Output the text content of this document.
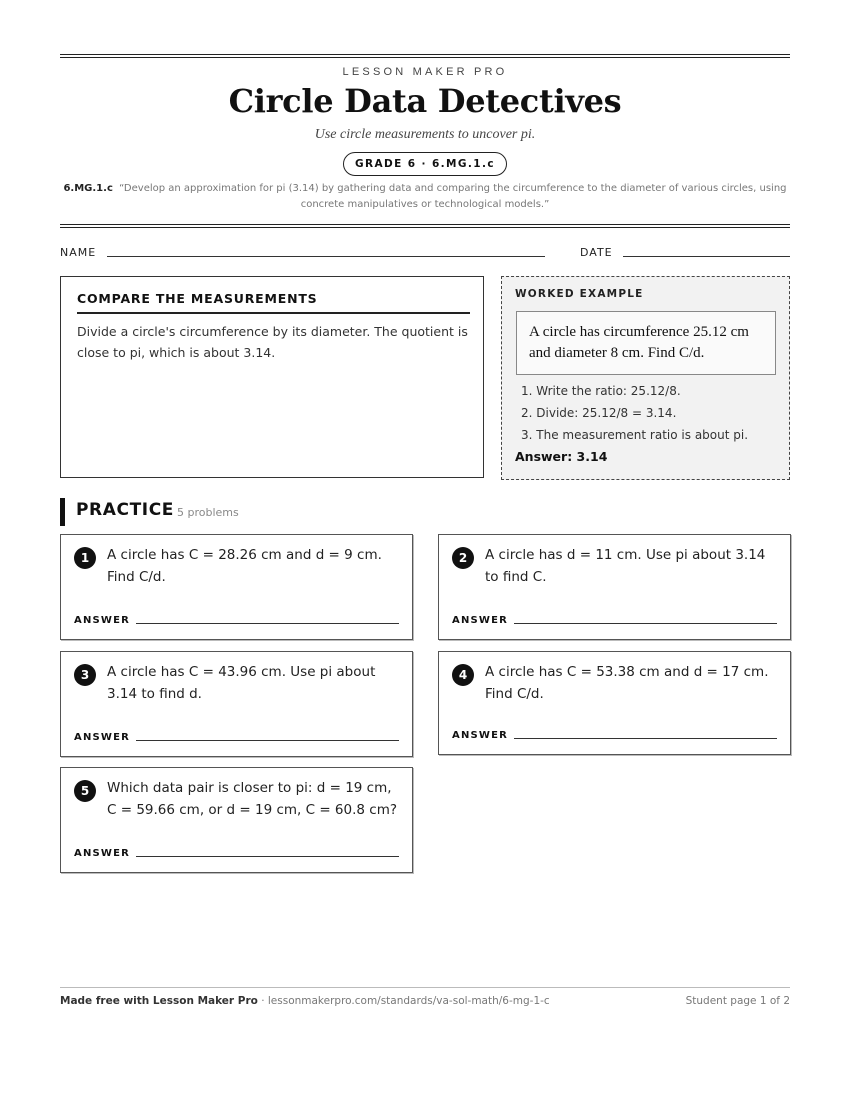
LESSON MAKER PRO
Circle Data Detectives
Use circle measurements to uncover pi.
GRADE 6 · 6.MG.1.c
6.MG.1.c “Develop an approximation for pi (3.14) by gathering data and comparing the circumference to the diameter of various circles, using concrete manipulatives or technological models.”
NAME	DATE
COMPARE THE MEASUREMENTS
Divide a circle's circumference by its diameter. The quotient is close to pi, which is about 3.14.
WORKED EXAMPLE
A circle has circumference 25.12 cm and diameter 8 cm. Find C/d.
1. Write the ratio: 25.12/8.
2. Divide: 25.12/8 = 3.14.
3. The measurement ratio is about pi.
Answer: 3.14
PRACTICE 5 problems
1	A circle has C = 28.26 cm and d = 9 cm. Find C/d.
ANSWER
2	A circle has d = 11 cm. Use pi about 3.14 to find C.
ANSWER
3	A circle has C = 43.96 cm. Use pi about 3.14 to find d.
ANSWER
4	A circle has C = 53.38 cm and d = 17 cm. Find C/d.
ANSWER
5	Which data pair is closer to pi: d = 19 cm, C = 59.66 cm, or d = 19 cm, C = 60.8 cm?
ANSWER
Made free with Lesson Maker Pro · lessonmakerpro.com/standards/va-sol-math/6-mg-1-c	Student page 1 of 2
